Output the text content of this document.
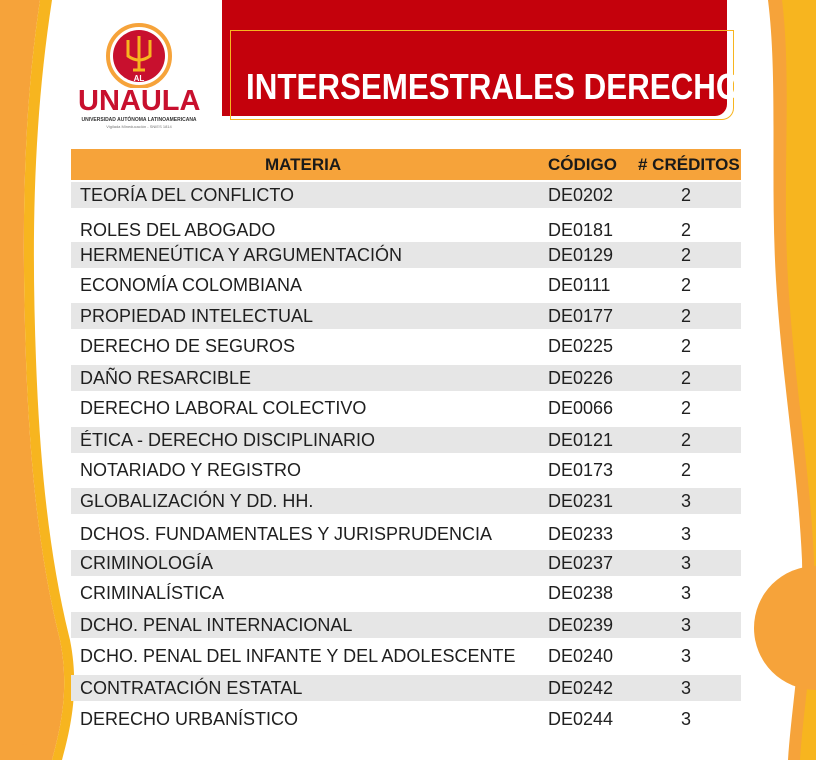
AL
UNAULA
UNIVERSIDAD AUTÓNOMA LATINOAMERICANA
Vigilada Mineducación - SNIES 1814
INTERSEMESTRALES DERECHO
MATERIA	CÓDIGO # CRÉDITOS
TEORÍA DEL CONFLICTO	DE0202	2
ROLES DEL ABOGADO	DE0181	2
HERMENEÚTICA Y ARGUMENTACIÓN	DE0129	2
ECONOMÍA COLOMBIANA	DE0111	2
PROPIEDAD INTELECTUAL	DE0177	2
DERECHO DE SEGUROS	DE0225	2
DAÑO RESARCIBLE	DE0226	2
DERECHO LABORAL COLECTIVO	DE0066	2
ÉTICA - DERECHO DISCIPLINARIO	DE0121	2
NOTARIADO Y REGISTRO	DE0173	2
GLOBALIZACIÓN Y DD. HH.	DE0231	3
DCHOS. FUNDAMENTALES Y JURISPRUDENCIA	DE0233	3
CRIMINOLOGÍA	DE0237	3
CRIMINALÍSTICA	DE0238	3
DCHO. PENAL INTERNACIONAL	DE0239	3
DCHO. PENAL DEL INFANTE Y DEL ADOLESCENTE DE0240	3
CONTRATACIÓN ESTATAL	DE0242	3
DERECHO URBANÍSTICO	DE0244	3
